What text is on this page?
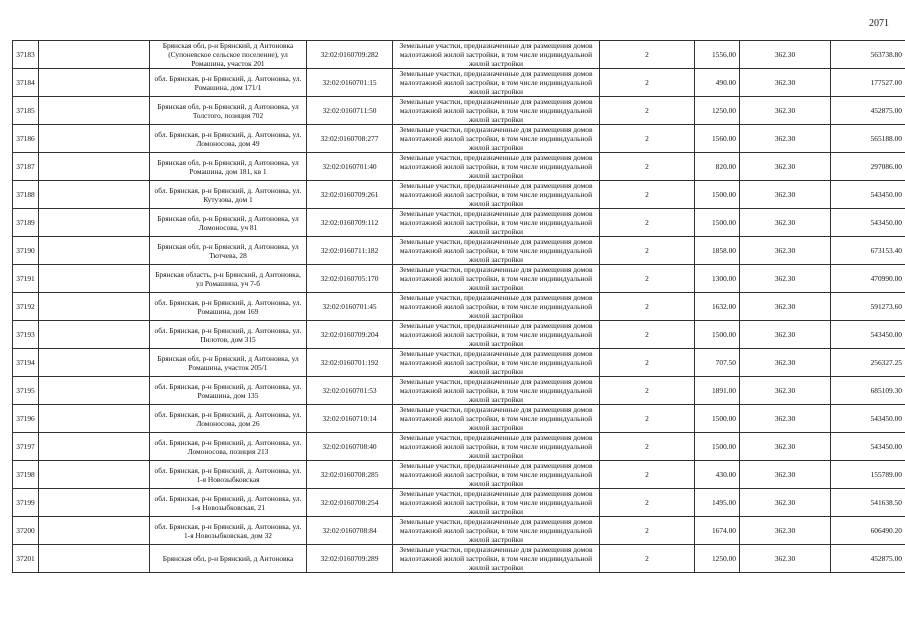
2071
37183		Брянская обл, р-н Брянский, д Антоновка (Супоневское сельское поселение), ул Ромашина, участок 201	32:02:0160709:282	Земельные участки, предназначенные для размещения домов малоэтажной жилой застройки, в том числе индивидуальной жилой застройки	2	1556.00	362.30	563738.80
37184		обл. Брянская, р-н Брянский, д. Антоновка, ул. Ромашина, дом 171/1	32:02:0160701:15	Земельные участки, предназначенные для размещения домов малоэтажной жилой застройки, в том числе индивидуальной жилой застройки	2	490.00	362.30	177527.00
37185		Брянская обл, р-н Брянский, д Антоновка, ул Толстого, позиция 702	32:02:0160711:50	Земельные участки, предназначенные для размещения домов малоэтажной жилой застройки, в том числе индивидуальной жилой застройки	2	1250.00	362.30	452875.00
37186		обл. Брянская, р-н Брянский, д. Антоновка, ул. Ломоносова, дом 49	32:02:0160708:277	Земельные участки, предназначенные для размещения домов малоэтажной жилой застройки, в том числе индивидуальной жилой застройки	2	1560.00	362.30	565188.00
37187		Брянская обл, р-н Брянский, д Антоновка, ул Ромашина, дом 181, кв 1	32:02:0160701:40	Земельные участки, предназначенные для размещения домов малоэтажной жилой застройки, в том числе индивидуальной жилой застройки	2	820.00	362.30	297086.00
37188		обл. Брянская, р-н Брянский, д. Антоновка, ул. Кутузова, дом 1	32:02:0160709:261	Земельные участки, предназначенные для размещения домов малоэтажной жилой застройки, в том числе индивидуальной жилой застройки	2	1500.00	362.30	543450.00
37189		Брянская обл, р-н Брянский, д Антоновка, ул Ломоносова, уч 81	32:02:0160709:112	Земельные участки, предназначенные для размещения домов малоэтажной жилой застройки, в том числе индивидуальной жилой застройки	2	1500.00	362.30	543450.00
37190		Брянская обл, р-н Брянский, д Антоновка, ул Тютчева, 28	32:02:0160711:182	Земельные участки, предназначенные для размещения домов малоэтажной жилой застройки, в том числе индивидуальной жилой застройки	2	1858.00	362.30	673153.40
37191		Брянская область, р-н Брянский, д Антоновка, ул Ромашина, уч 7-б	32:02:0160705:170	Земельные участки, предназначенные для размещения домов малоэтажной жилой застройки, в том числе индивидуальной жилой застройки	2	1300.00	362.30	470990.00
37192		обл. Брянская, р-н Брянский, д. Антоновка, ул. Ромашина, дом 169	32:02:0160701:45	Земельные участки, предназначенные для размещения домов малоэтажной жилой застройки, в том числе индивидуальной жилой застройки	2	1632.00	362.30	591273.60
37193		обл. Брянская, р-н Брянский, д. Антоновка, ул. Пилотов, дом 315	32:02:0160709:204	Земельные участки, предназначенные для размещения домов малоэтажной жилой застройки, в том числе индивидуальной жилой застройки	2	1500.00	362.30	543450.00
37194		Брянская обл, р-н Брянский, д Антоновка, ул Ромашина, участок 205/1	32:02:0160701:192	Земельные участки, предназначенные для размещения домов малоэтажной жилой застройки, в том числе индивидуальной жилой застройки	2	707.50	362.30	256327.25
37195		обл. Брянская, р-н Брянский, д. Антоновка, ул. Ромашина, дом 135	32:02:0160701:53	Земельные участки, предназначенные для размещения домов малоэтажной жилой застройки, в том числе индивидуальной жилой застройки	2	1891.00	362.30	685109.30
37196		обл. Брянская, р-н Брянский, д. Антоновка, ул. Ломоносова, дом 26	32:02:0160710:14	Земельные участки, предназначенные для размещения домов малоэтажной жилой застройки, в том числе индивидуальной жилой застройки	2	1500.00	362.30	543450.00
37197		обл. Брянская, р-н Брянский, д. Антоновка, ул. Ломоносова, позиция 213	32:02:0160708:40	Земельные участки, предназначенные для размещения домов малоэтажной жилой застройки, в том числе индивидуальной жилой застройки	2	1500.00	362.30	543450.00
37198		обл. Брянская, р-н Брянский, д. Антоновка, ул. 1-я Новозыбковская	32:02:0160708:285	Земельные участки, предназначенные для размещения домов малоэтажной жилой застройки, в том числе индивидуальной жилой застройки	2	430.00	362.30	155789.00
37199		обл. Брянская, р-н Брянский, д. Антоновка, ул. 1-я Новозыбковская, 21	32:02:0160708:254	Земельные участки, предназначенные для размещения домов малоэтажной жилой застройки, в том числе индивидуальной жилой застройки	2	1495.00	362.30	541638.50
37200		обл. Брянская, р-н Брянский, д. Антоновка, ул. 1-я Новозыбковская, дом 32	32:02:0160708:84	Земельные участки, предназначенные для размещения домов малоэтажной жилой застройки, в том числе индивидуальной жилой застройки	2	1674.00	362.30	606490.20
37201		Брянская обл, р-н Брянский, д Антоновка	32:02:0160709:289	Земельные участки, предназначенные для размещения домов малоэтажной жилой застройки, в том числе индивидуальной жилой застройки	2	1250.00	362.30	452875.00
